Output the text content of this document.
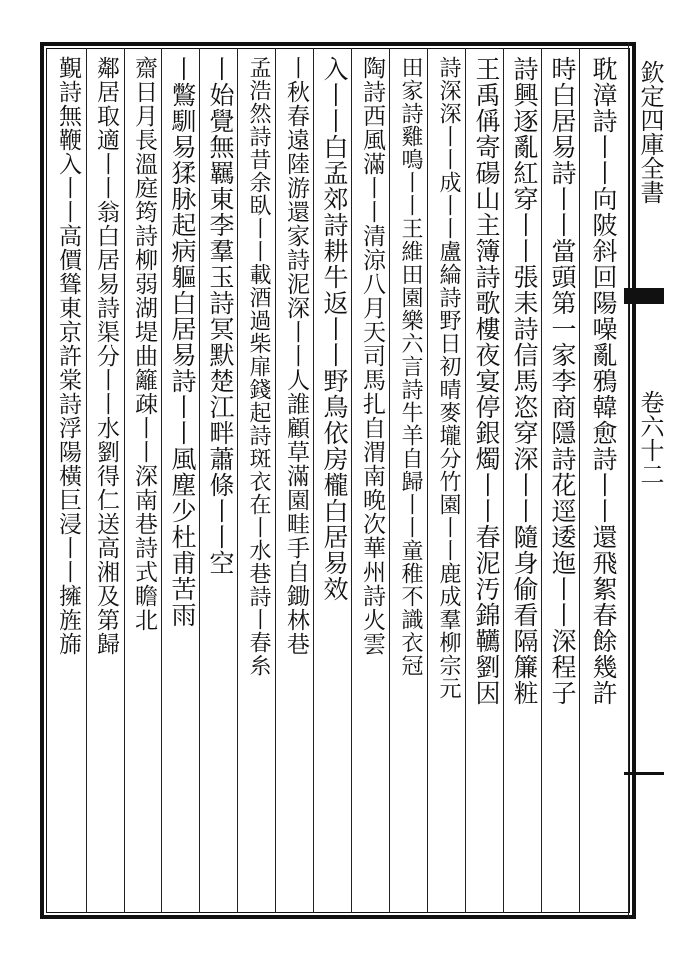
欽定四庫全書
卷六十二
耽漳詩丨丨向陂斜回陽噪亂鴉韓愈詩丨丨還飛絮春餘幾許
時白居易詩丨丨當頭第一家李商隱詩花逕逶迤丨丨深程子
詩興逐亂紅穿丨丨張耒詩信馬恣穿深丨丨隨身偷看隔簾粧
王禹偁寄碭山主簿詩歌樓夜宴停銀燭丨丨春泥汚錦韉劉因
詩深深丨丨成丨丨盧綸詩野日初晴麥壠分竹園丨丨鹿成羣柳宗元
田家詩雞鳴丨丨王維田園樂六言詩牛羊自歸丨丨童稚不識衣冠
陶詩西風滿丨丨清涼八月天司馬扎自渭南晚次華州詩火雲
入丨丨白孟郊詩耕牛返丨丨野鳥依房櫳白居易效
丨秋春遠陸游還家詩泥深丨丨人誰顧草滿園畦手自鋤林巷
孟浩然詩昔余臥丨丨載酒過柴扉錢起詩斑衣在丨水巷詩丨春糸
丨始覺無羈東李羣玉詩冥默楚江畔蕭條丨丨空
丨鷩馴易猱脉起病軀白居易詩丨丨風塵少杜甫苦雨
齋日月長溫庭筠詩柳弱湖堤曲籬疎丨丨深南巷詩式瞻北
鄰居取適丨丨翁白居易詩渠分丨丨水劉得仁送高湘及第歸
覲詩無鞭入丨丨高價聳東京許棠詩浮陽橫巨浸丨丨擁旌旆
